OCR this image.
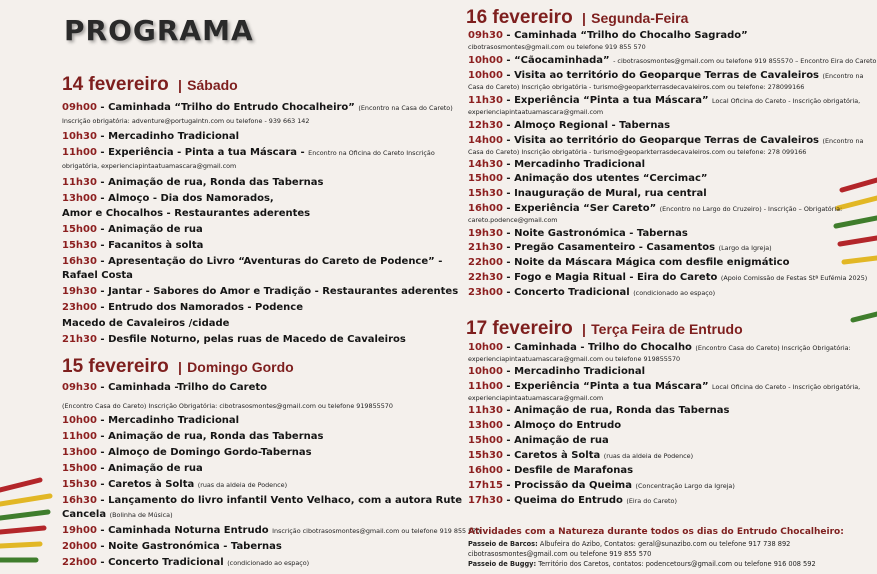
PROGRAMA
14 fevereiro | Sábado
09h00 - Caminhada “Trilho do Entrudo Chocalheiro” (Encontro na Casa do Careto)
Inscrição obrigatória: adventure@portugalntn.com ou telefone - 939 663 142
10h30 - Mercadinho Tradicional
11h00 - Experiência - Pinta a tua Máscara - Encontro na Oficina do Careto Inscrição
obrigatória, experienciapintaatuamascara@gmail.com
11h30 - Animação de rua, Ronda das Tabernas
13h00 - Almoço - Dia dos Namorados,
Amor e Chocalhos - Restaurantes aderentes
15h00 - Animação de rua
15h30 - Facanitos à solta
16h30 - Apresentação do Livro “Aventuras do Careto de Podence” -
Rafael Costa
19h30 - Jantar - Sabores do Amor e Tradição - Restaurantes aderentes
23h00 - Entrudo dos Namorados - Podence
Macedo de Cavaleiros /cidade
21h30 - Desfile Noturno, pelas ruas de Macedo de Cavaleiros
15 fevereiro | Domingo Gordo
09h30 - Caminhada -Trilho do Careto
(Encontro Casa do Careto) Inscrição Obrigatória: cibotrasosmontes@gmail.com ou telefone 919855570
10h00 - Mercadinho Tradicional
11h00 - Animação de rua, Ronda das Tabernas
13h00 - Almoço de Domingo Gordo-Tabernas
15h00 - Animação de rua
15h30 - Caretos à Solta (ruas da aldeia de Podence)
16h30 - Lançamento do livro infantil Vento Velhaco, com a autora Rute
Cancela (Bolinha de Música)
19h00 - Caminhada Noturna Entrudo Inscrição cibotrasosmontes@gmail.com ou telefone 919 855 570
20h00 - Noite Gastronómica - Tabernas
22h00 - Concerto Tradicional (condicionado ao espaço)
16 fevereiro | Segunda-Feira
09h30 - Caminhada “Trilho do Chocalho Sagrado”
cibotrasosmontes@gmail.com ou telefone 919 855 570
10h00 - “Cãocaminhada” - cibotrasosmontes@gmail.com ou telefone 919 855570 – Encontro Eira do Careto
10h00 - Visita ao território do Geoparque Terras de Cavaleiros (Encontro na
Casa do Careto) Inscrição obrigatória - turismo@geoparkterrasdecavaleiros.com ou telefone: 278099166
11h30 - Experiência “Pinta a tua Máscara” Local Oficina do Careto - Inscrição obrigatória,
experienciapintaatuamascara@gmail.com
12h30 - Almoço Regional - Tabernas
14h00 - Visita ao território do Geoparque Terras de Cavaleiros (Encontro na
Casa do Careto) Inscrição obrigatória - turismo@geoparkterrasdecavaleiros.com ou telefone: 278 099166
14h30 - Mercadinho Tradicional
15h00 - Animação dos utentes “Cercimac”
15h30 - Inauguração de Mural, rua central
16h00 - Experiência “Ser Careto” (Encontro no Largo do Cruzeiro) - Inscrição – Obrigatória:
careto.podence@gmail.com
19h30 - Noite Gastronómica - Tabernas
21h30 - Pregão Casamenteiro - Casamentos (Largo da Igreja)
22h00 - Noite da Máscara Mágica com desfile enigmático
22h30 - Fogo e Magia Ritual - Eira do Careto (Apoio Comissão de Festas Stª Eufémia 2025)
23h00 - Concerto Tradicional (condicionado ao espaço)
17 fevereiro | Terça Feira de Entrudo
10h00 - Caminhada - Trilho do Chocalho (Encontro Casa do Careto) Inscrição Obrigatória:
experienciapintaatuamascara@gmail.com ou telefone 919855570
10h00 - Mercadinho Tradicional
11h00 - Experiência “Pinta a tua Máscara” Local Oficina do Careto - Inscrição obrigatória,
experienciapintaatuamascara@gmail.com
11h30 - Animação de rua, Ronda das Tabernas
13h00 - Almoço do Entrudo
15h00 - Animação de rua
15h30 - Caretos à Solta (ruas da aldeia de Podence)
16h00 - Desfile de Marafonas
17h15 - Procissão da Queima (Concentração Largo da Igreja)
17h30 - Queima do Entrudo (Eira do Careto)
Atividades com a Natureza durante todos os dias do Entrudo Chocalheiro:
Passeio de Barcos: Albufeira do Azibo, Contatos: geral@sunazibo.com ou telefone 917 738 892
cibotrasosmontes@gmail.com ou telefone 919 855 570
Passeio de Buggy: Território dos Caretos, contatos: podencetours@gmail.com ou telefone 916 008 592
